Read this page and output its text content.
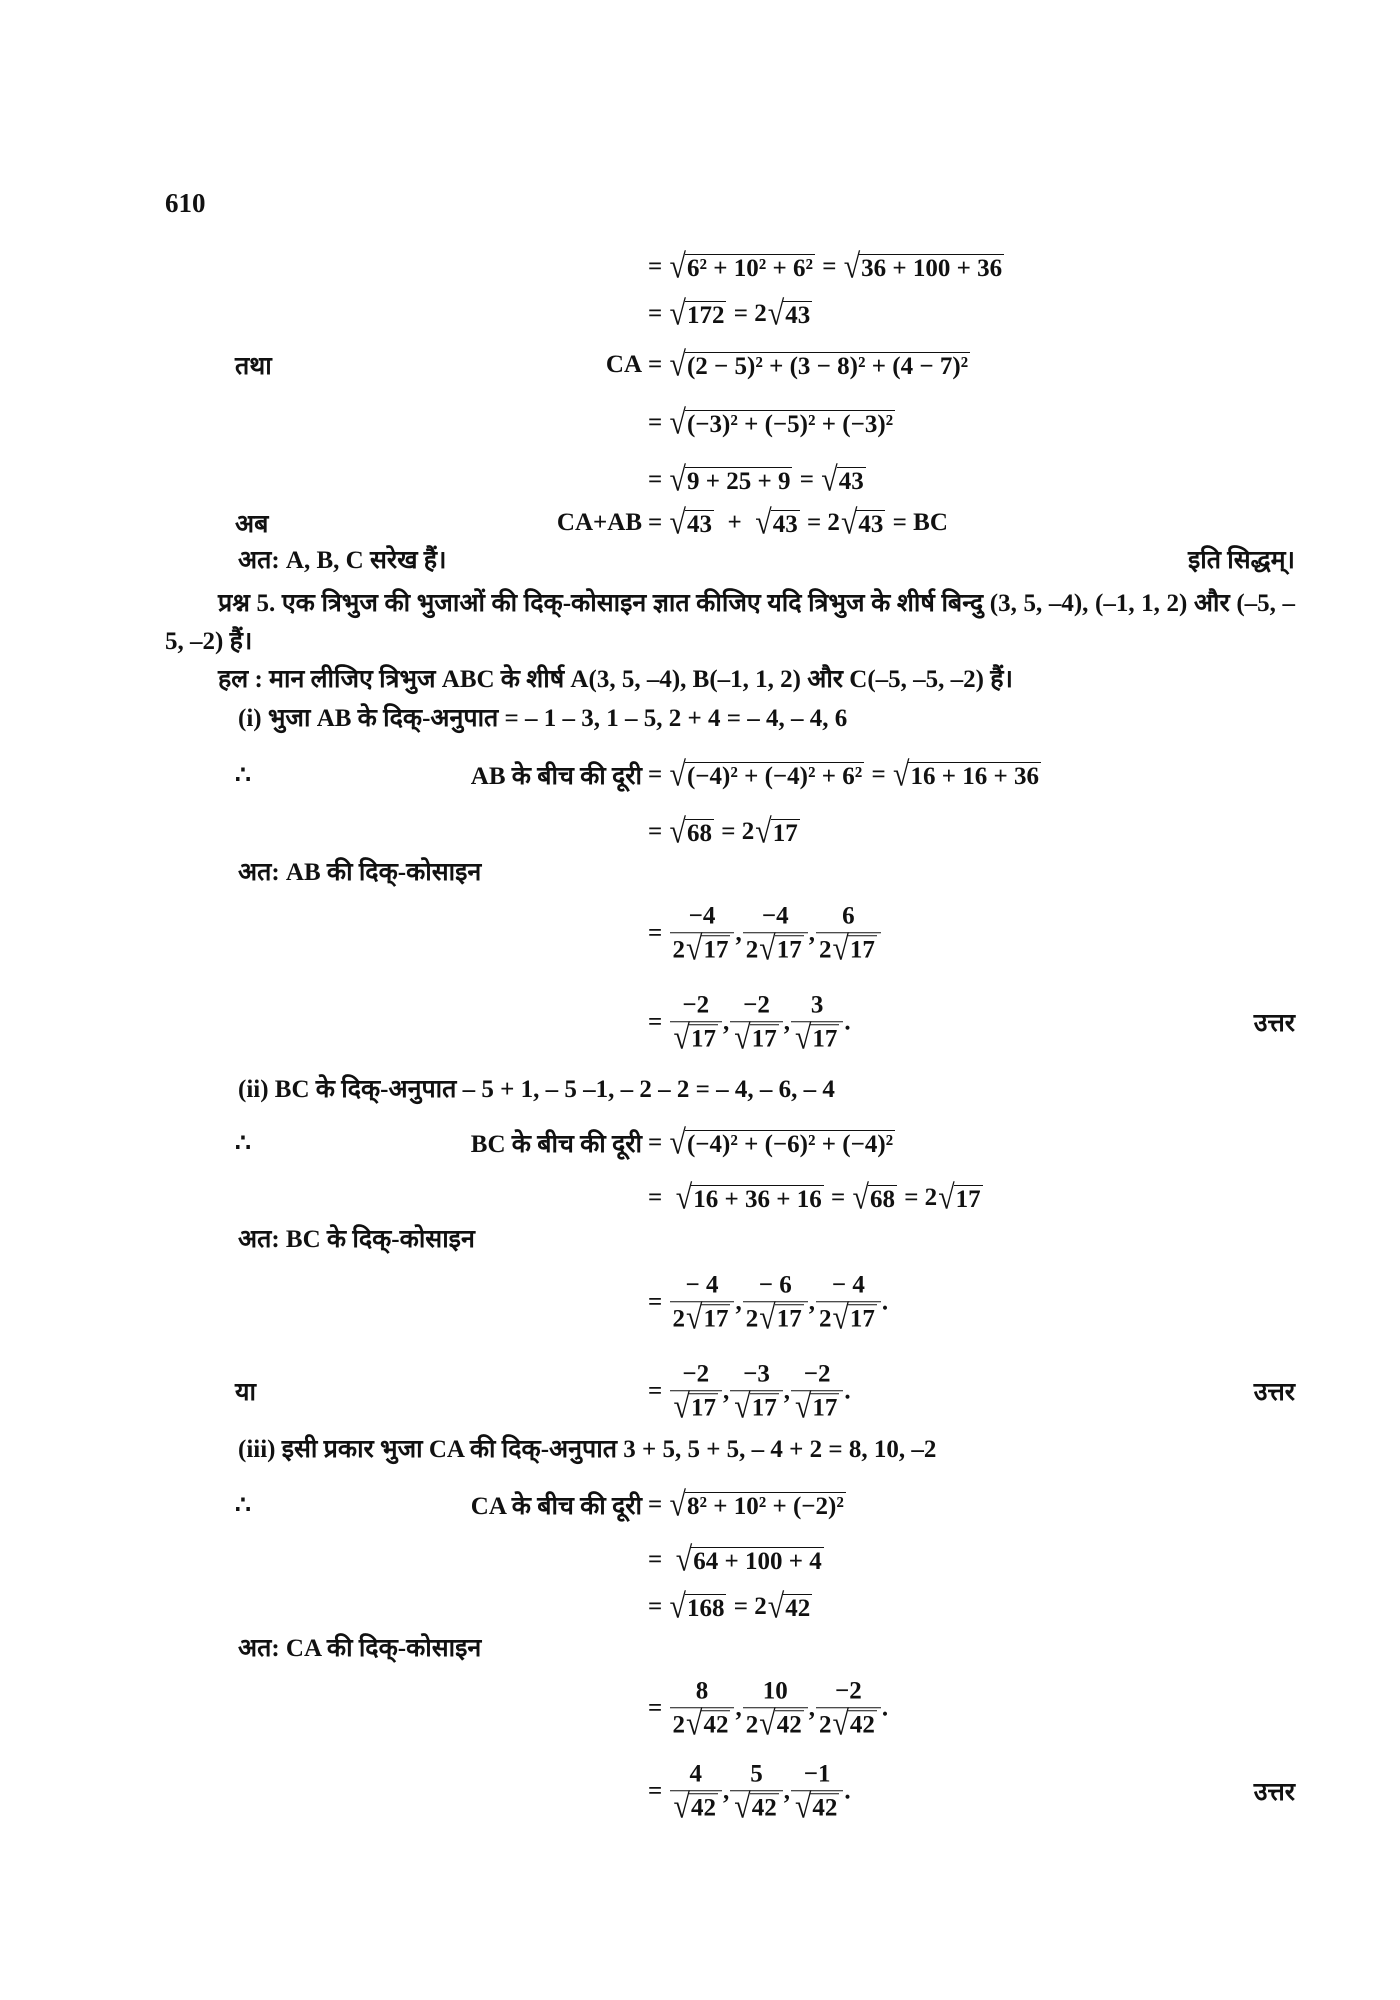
610
= √ 6² + 10² + 6² = √ 36 + 100 + 36
= √ 172 = 2 √ 43
तथा	CA = √ (2 − 5)² + (3 − 8)² + (4 − 7)²
= √ (−3)² + (−5)² + (−3)²
= √ 9 + 25 + 9 = √ 43
अब	CA+AB = √ 43 + √ 43 = 2 √ 43 = BC
अत: A, B, C सरेख हैं।	इति सिद्धम्।
प्रश्न 5. एक त्रिभुज की भुजाओं की दिक्-कोसाइन ज्ञात कीजिए यदि त्रिभुज के शीर्ष बिन्दु (3, 5, –4), (–1, 1, 2) और (–5, –5, –2) हैं।
हल : मान लीजिए त्रिभुज ABC के शीर्ष A(3, 5, –4), B(–1, 1, 2) और C(–5, –5, –2) हैं।
(i) भुजा AB के दिक्-अनुपात = – 1 – 3, 1 – 5, 2 + 4 = – 4, – 4, 6
∴	AB के बीच की दूरी = √ (−4)² + (−4)² + 6² = √ 16 + 16 + 36
= √ 68 = 2 √ 17
अत: AB की दिक्-कोसाइन
= $\frac{-4}{2 √ 17}$ , $\frac{-4}{2 √ 17}$ , $\frac{6}{2 √ 17}$
= $\frac{-2}{√ 17}$ , $\frac{-2}{√ 17}$ , $\frac{3}{√ 17}$ .	उत्तर
(ii) BC के दिक्-अनुपात – 5 + 1, – 5 –1, – 2 – 2 = – 4, – 6, – 4
∴	BC के बीच की दूरी = √ (−4)² + (−6)² + (−4)²
= √ 16 + 36 + 16 = √ 68 = 2 √ 17
अत: BC के दिक्-कोसाइन
= $\frac{- 4}{2 √ 17}$ , $\frac{- 6}{2 √ 17}$ , $\frac{- 4}{2 √ 17}$ .
या	= $\frac{-2}{√ 17}$ , $\frac{-3}{√ 17}$ , $\frac{-2}{√ 17}$ .	उत्तर
(iii) इसी प्रकार भुजा CA की दिक्-अनुपात 3 + 5, 5 + 5, – 4 + 2 = 8, 10, –2
∴	CA के बीच की दूरी = √ 8² + 10² + (−2)²
= √ 64 + 100 + 4
= √ 168 = 2 √ 42
अत: CA की दिक्-कोसाइन
= $\frac{8}{2 √ 42}$ , $\frac{10}{2 √ 42}$ , $\frac{-2}{2 √ 42}$ .
= $\frac{4}{√ 42}$ , $\frac{5}{√ 42}$ , $\frac{-1}{√ 42}$ .	उत्तर
